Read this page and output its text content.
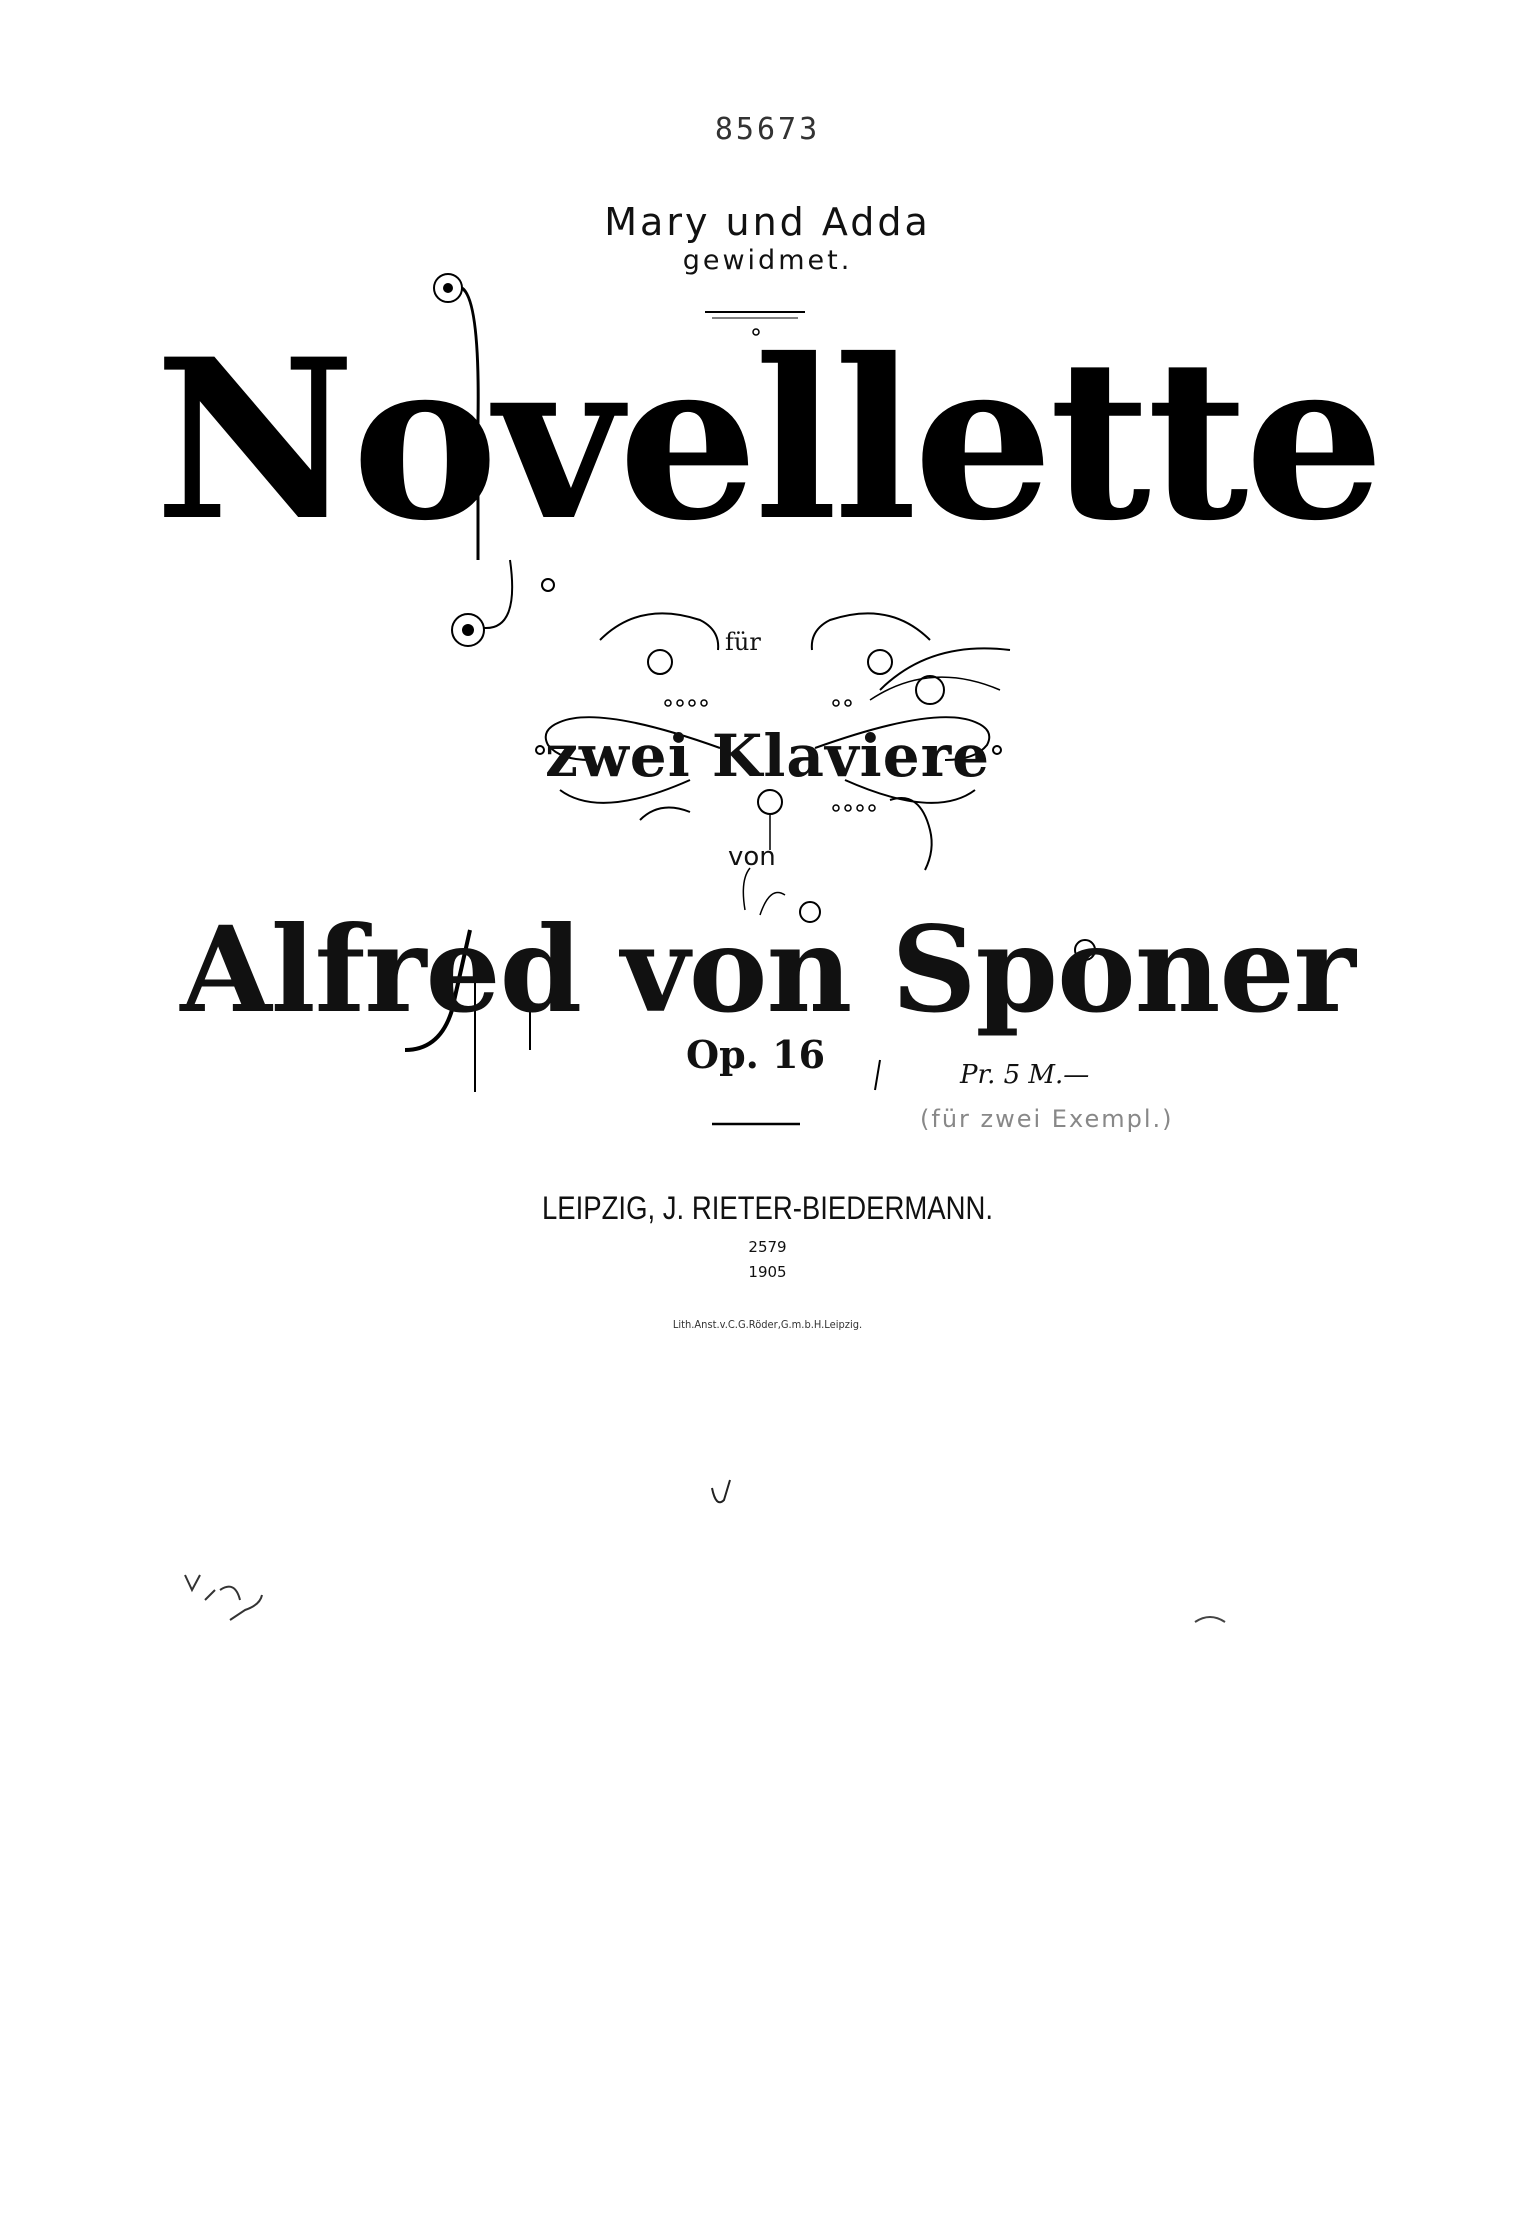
85673
Mary und Adda
gewidmet.
Novellette
für
zwei Klaviere
von
Alfred von Sponer
Op. 16	Pr. 5 M.—
(für zwei Exempl.)
LEIPZIG, J. RIETER-BIEDERMANN.
2579
1905
Lith.Anst.v.C.G.Röder,G.m.b.H.Leipzig.
